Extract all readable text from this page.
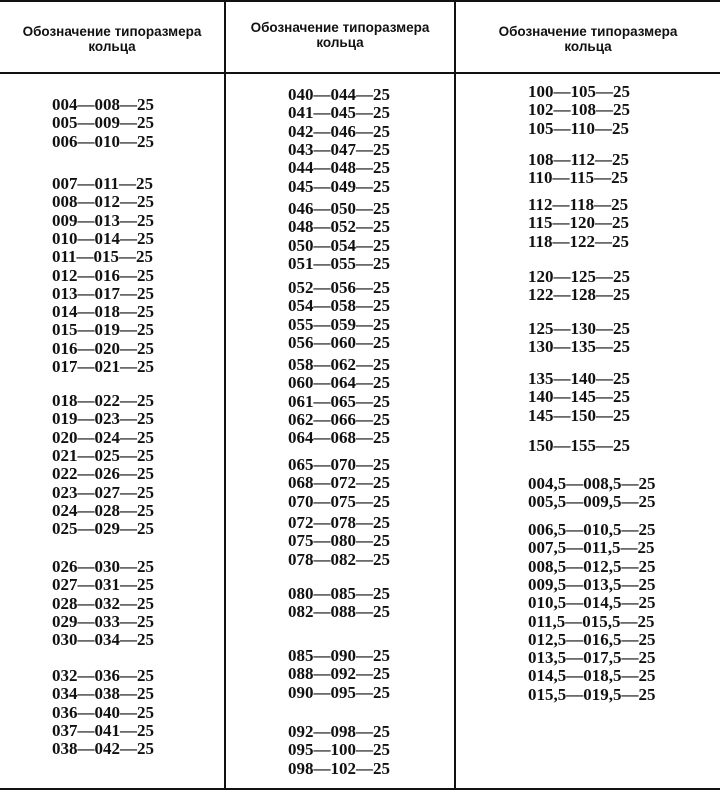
Обозначение типоразмера
кольца
Обозначение типоразмера
кольца
Обозначение типоразмера
кольца
004—008—25
005—009—25
006—010—25
007—011—25
008—012—25
009—013—25
010—014—25
011—015—25
012—016—25
013—017—25
014—018—25
015—019—25
016—020—25
017—021—25
018—022—25
019—023—25
020—024—25
021—025—25
022—026—25
023—027—25
024—028—25
025—029—25
026—030—25
027—031—25
028—032—25
029—033—25
030—034—25
032—036—25
034—038—25
036—040—25
037—041—25
038—042—25
040—044—25
041—045—25
042—046—25
043—047—25
044—048—25
045—049—25
046—050—25
048—052—25
050—054—25
051—055—25
052—056—25
054—058—25
055—059—25
056—060—25
058—062—25
060—064—25
061—065—25
062—066—25
064—068—25
065—070—25
068—072—25
070—075—25
072—078—25
075—080—25
078—082—25
080—085—25
082—088—25
085—090—25
088—092—25
090—095—25
092—098—25
095—100—25
098—102—25
100—105—25
102—108—25
105—110—25
108—112—25
110—115—25
112—118—25
115—120—25
118—122—25
120—125—25
122—128—25
125—130—25
130—135—25
135—140—25
140—145—25
145—150—25
150—155—25
004,5—008,5—25
005,5—009,5—25
006,5—010,5—25
007,5—011,5—25
008,5—012,5—25
009,5—013,5—25
010,5—014,5—25
011,5—015,5—25
012,5—016,5—25
013,5—017,5—25
014,5—018,5—25
015,5—019,5—25
